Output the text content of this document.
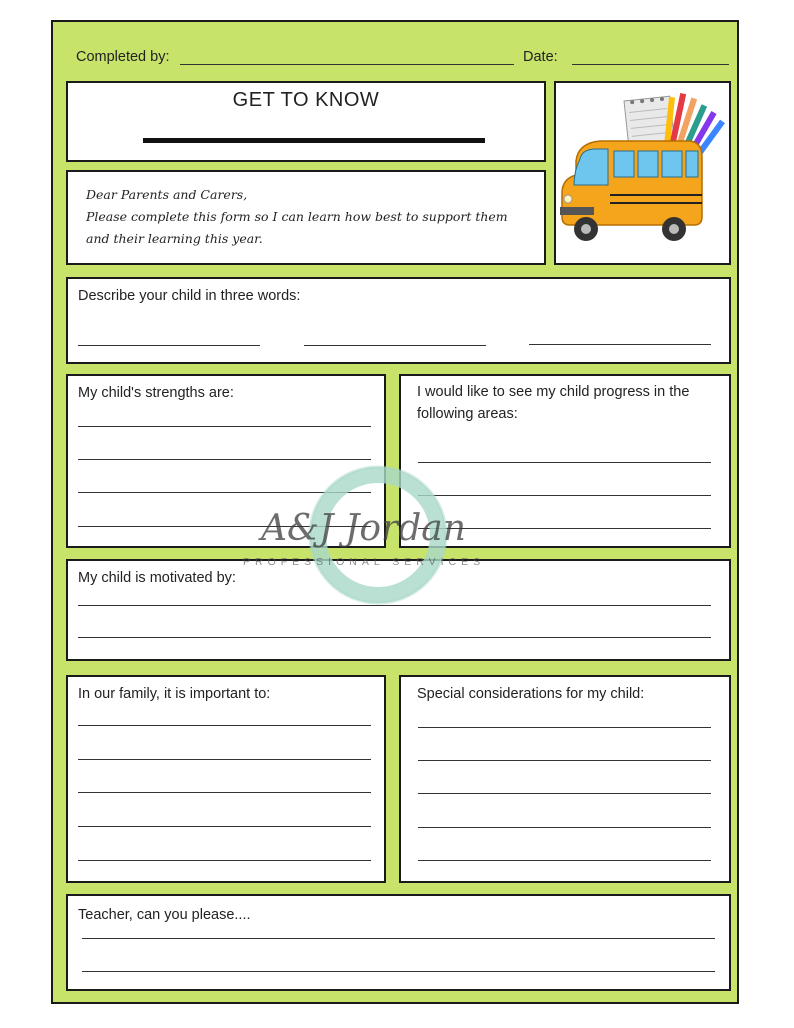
Completed by:	Date:
GET TO KNOW
Dear Parents and Carers,
Please complete this form so I can learn how best to support them
and their learning this year.
Describe your child in three words:
My child's strengths are:	I would like to see my child progress in the
following areas:
My child is motivated by:
In our family, it is important to:	Special considerations for my child:
Teacher, can you please....
A&J Jordan
PROFESSIONAL SERVICES
